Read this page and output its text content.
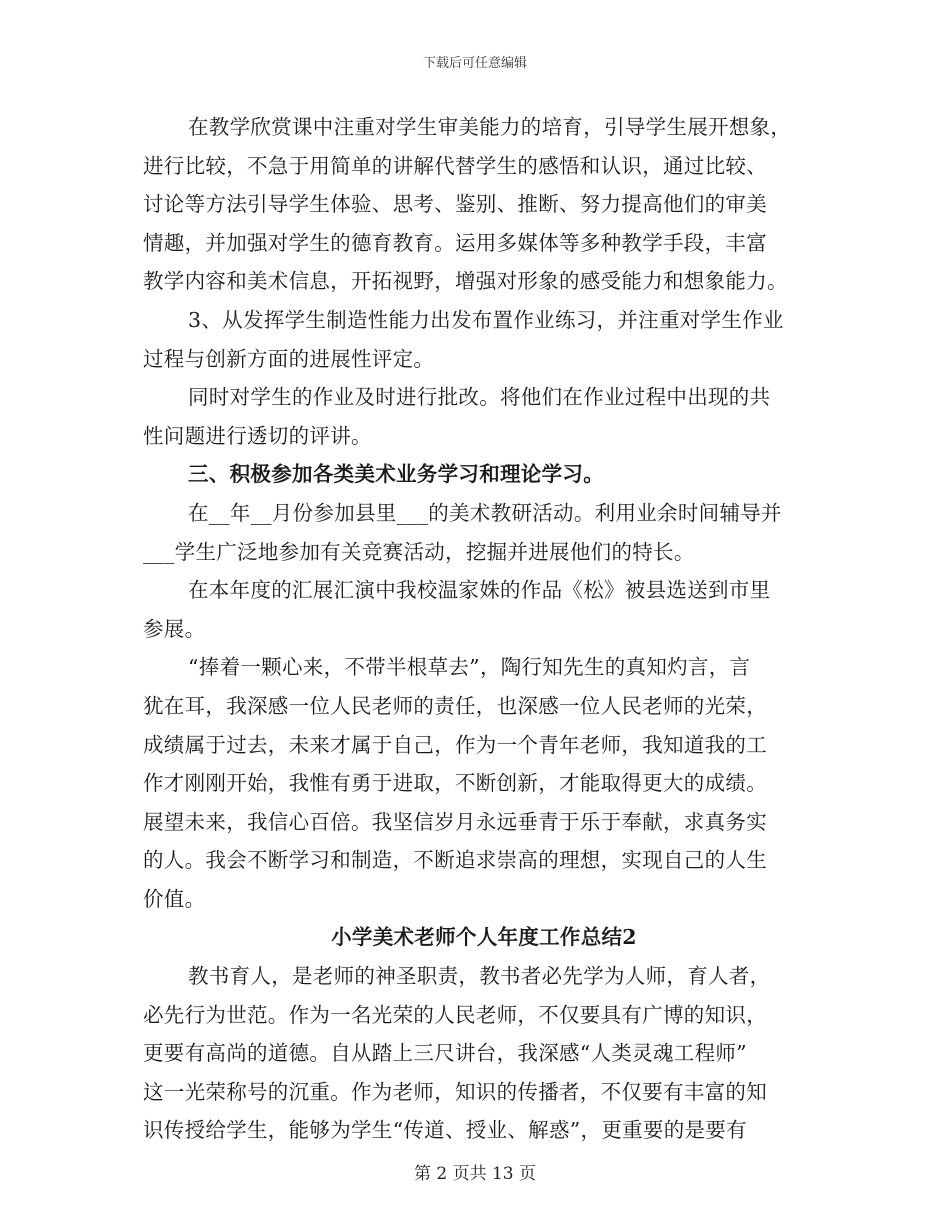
下载后可任意编辑
在教学欣赏课中注重对学生审美能力的培育，引导学生展开想象，
进行比较，不急于用简单的讲解代替学生的感悟和认识，通过比较、
讨论等方法引导学生体验、思考、鉴别、推断、努力提高他们的审美
情趣，并加强对学生的德育教育。运用多媒体等多种教学手段，丰富
教学内容和美术信息，开拓视野，增强对形象的感受能力和想象能力。
3、从发挥学生制造性能力出发布置作业练习，并注重对学生作业
过程与创新方面的进展性评定。
同时对学生的作业及时进行批改。将他们在作业过程中出现的共
性问题进行透切的评讲。
三、积极参加各类美术业务学习和理论学习。
在__年__月份参加县里___的美术教研活动。利用业余时间辅导并
___学生广泛地参加有关竞赛活动，挖掘并进展他们的特长。
在本年度的汇展汇演中我校温家姝的作品《松》被县选送到市里
参展。
“捧着一颗心来，不带半根草去”，陶行知先生的真知灼言，言
犹在耳，我深感一位人民老师的责任，也深感一位人民老师的光荣，
成绩属于过去，未来才属于自己，作为一个青年老师，我知道我的工
作才刚刚开始，我惟有勇于进取，不断创新，才能取得更大的成绩。
展望未来，我信心百倍。我坚信岁月永远垂青于乐于奉献，求真务实
的人。我会不断学习和制造，不断追求崇高的理想，实现自己的人生
价值。
小学美术老师个人年度工作总结2
教书育人，是老师的神圣职责，教书者必先学为人师，育人者，
必先行为世范。作为一名光荣的人民老师，不仅要具有广博的知识，
更要有高尚的道德。自从踏上三尺讲台，我深感“人类灵魂工程师”
这一光荣称号的沉重。作为老师，知识的传播者，不仅要有丰富的知
识传授给学生，能够为学生“传道、授业、解惑”，更重要的是要有
第 2 页共 13 页
